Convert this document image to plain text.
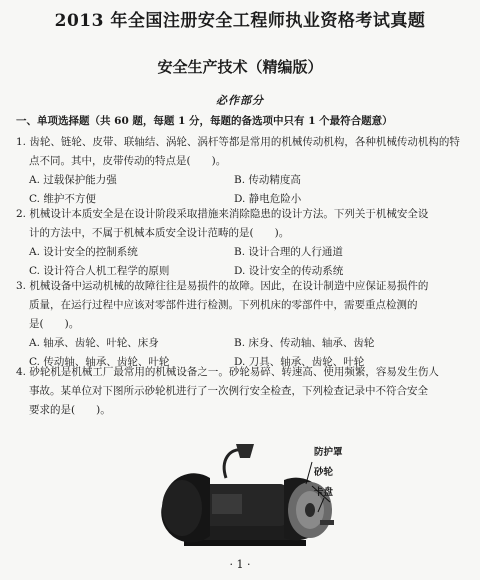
2013 年全国注册安全工程师执业资格考试真题
安全生产技术（精编版）
必作部分
一、单项选择题（共 60 题，每题 1 分，每题的备选项中只有 1 个最符合题意）

1. 齿轮、链轮、皮带、联轴结、涡轮、涡杆等都是常用的机械传动机构，各种机械传动机构的特
点不同。其中，皮带传动的特点是(　　)。

A. 过载保护能力强	B. 传动精度高
C. 维护不方便	D. 静电危险小

2. 机械设计本质安全是在设计阶段采取措施来消除隐患的设计方法。下列关于机械安全设
计的方法中，不属于机械本质安全设计范畴的是(　　)。

A. 设计安全的控制系统	B. 设计合理的人行通道
C. 设计符合人机工程学的原则	D. 设计安全的传动系统

3. 机械设备中运动机械的故障往往是易损件的故障。因此，在设计制造中应保证易损件的
质量，在运行过程中应该对零部件进行检测。下列机床的零部件中，需要重点检测的
是(　　)。

A. 轴承、齿轮、叶轮、床身	B. 床身、传动轴、轴承、齿轮
C. 传动轴、轴承、齿轮、叶轮	D. 刀具、轴承、齿轮、叶轮

4. 砂轮机是机械工厂最常用的机械设备之一。砂轮易碎、转速高、使用频繁，容易发生伤人
事故。某单位对下图所示砂轮机进行了一次例行安全检查，下列检查记录中不符合安全
要求的是(　　)。

防护罩
砂轮
卡盘
· 1 ·
